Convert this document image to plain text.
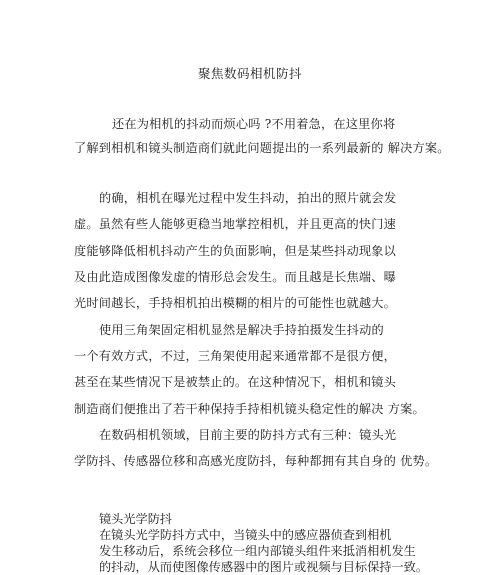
聚焦数码相机防抖
还在为相机的抖动而烦心吗 ?不用着急，在这里你将
了解到相机和镜头制造商们就此问题提出的一系列最新的 解决方案。
的确，相机在曝光过程中发生抖动，拍出的照片就会发
虚。虽然有些人能够更稳当地掌控相机，并且更高的快门速
度能够降低相机抖动产生的负面影响，但是某些抖动现象以
及由此造成图像发虚的情形总会发生。而且越是长焦端、曝
光时间越长，手持相机拍出模糊的相片的可能性也就越大。
使用三角架固定相机显然是解决手持拍摄发生抖动的
一个有效方式，不过，三角架使用起来通常都不是很方便，
甚至在某些情况下是被禁止的。在这种情况下，相机和镜头
制造商们便推出了若干种保持手持相机镜头稳定性的解决 方案。
在数码相机领域，目前主要的防抖方式有三种：镜头光
学防抖、传感器位移和高感光度防抖，每种都拥有其自身的 优势。
镜头光学防抖
在镜头光学防抖方式中，当镜头中的感应器侦查到相机
发生移动后，系统会移位一组内部镜头组件来抵消相机发生
的抖动，从而使图像传感器中的图片或视频与目标保持一致。
